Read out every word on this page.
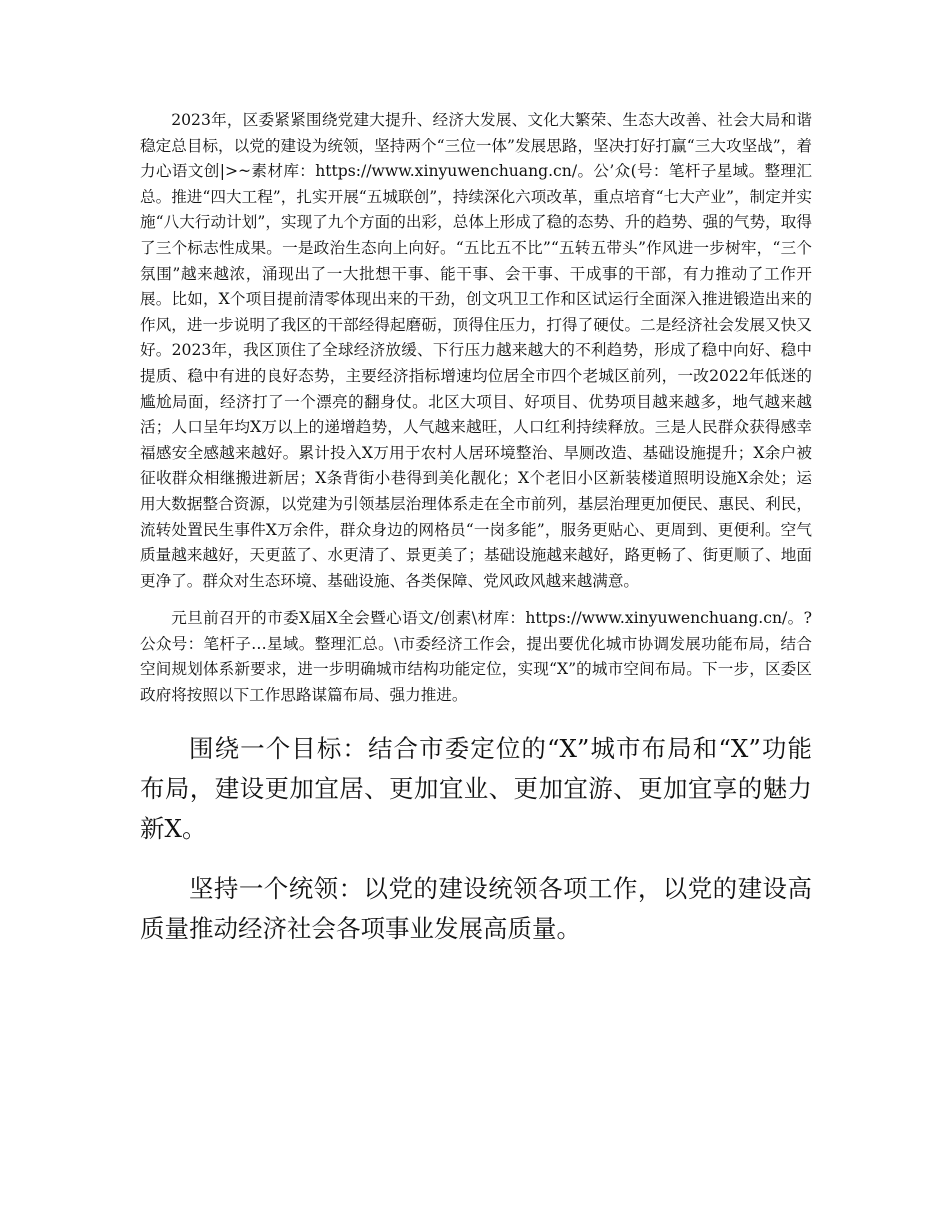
2023年，区委紧紧围绕党建大提升、经济大发展、文化大繁荣、生态大改善、社会大局和谐稳定总目标，以党的建设为统领，坚持两个“三位一体”发展思路，坚决打好打赢“三大攻坚战”，着力心语文创|>~素材库：https://www.xinyuwenchuang.cn/。公’众(号：笔杆子星域。整理汇总。推进“四大工程”，扎实开展“五城联创”，持续深化六项改革，重点培育“七大产业”，制定并实施“八大行动计划”，实现了九个方面的出彩，总体上形成了稳的态势、升的趋势、强的气势，取得了三个标志性成果。一是政治生态向上向好。“五比五不比”“五转五带头”作风进一步树牢，“三个氛围”越来越浓，涌现出了一大批想干事、能干事、会干事、干成事的干部，有力推动了工作开展。比如，X个项目提前清零体现出来的干劲，创文巩卫工作和区试运行全面深入推进锻造出来的作风，进一步说明了我区的干部经得起磨砺，顶得住压力，打得了硬仗。二是经济社会发展又快又好。2023年，我区顶住了全球经济放缓、下行压力越来越大的不利趋势，形成了稳中向好、稳中提质、稳中有进的良好态势，主要经济指标增速均位居全市四个老城区前列，一改2022年低迷的尴尬局面，经济打了一个漂亮的翻身仗。北区大项目、好项目、优势项目越来越多，地气越来越活；人口呈年均X万以上的递增趋势，人气越来越旺，人口红利持续释放。三是人民群众获得感幸福感安全感越来越好。累计投入X万用于农村人居环境整治、旱厕改造、基础设施提升；X余户被征收群众相继搬进新居；X条背街小巷得到美化靓化；X个老旧小区新装楼道照明设施X余处；运用大数据整合资源，以党建为引领基层治理体系走在全市前列，基层治理更加便民、惠民、利民，流转处置民生事件X万余件，群众身边的网格员“一岗多能”，服务更贴心、更周到、更便利。空气质量越来越好，天更蓝了、水更清了、景更美了；基础设施越来越好，路更畅了、街更顺了、地面更净了。群众对生态环境、基础设施、各类保障、党风政风越来越满意。

元旦前召开的市委X届X全会暨心语文/创素\材库：https://www.xinyuwenchuang.cn/。?公众号：笔杆子…星域。整理汇总。\市委经济工作会，提出要优化城市协调发展功能布局，结合空间规划体系新要求，进一步明确城市结构功能定位，实现“X”的城市空间布局。下一步，区委区政府将按照以下工作思路谋篇布局、强力推进。

围绕一个目标：结合市委定位的“X”城市布局和“X”功能布局，建设更加宜居、更加宜业、更加宜游、更加宜享的魅力新X。

坚持一个统领：以党的建设统领各项工作，以党的建设高质量推动经济社会各项事业发展高质量。
